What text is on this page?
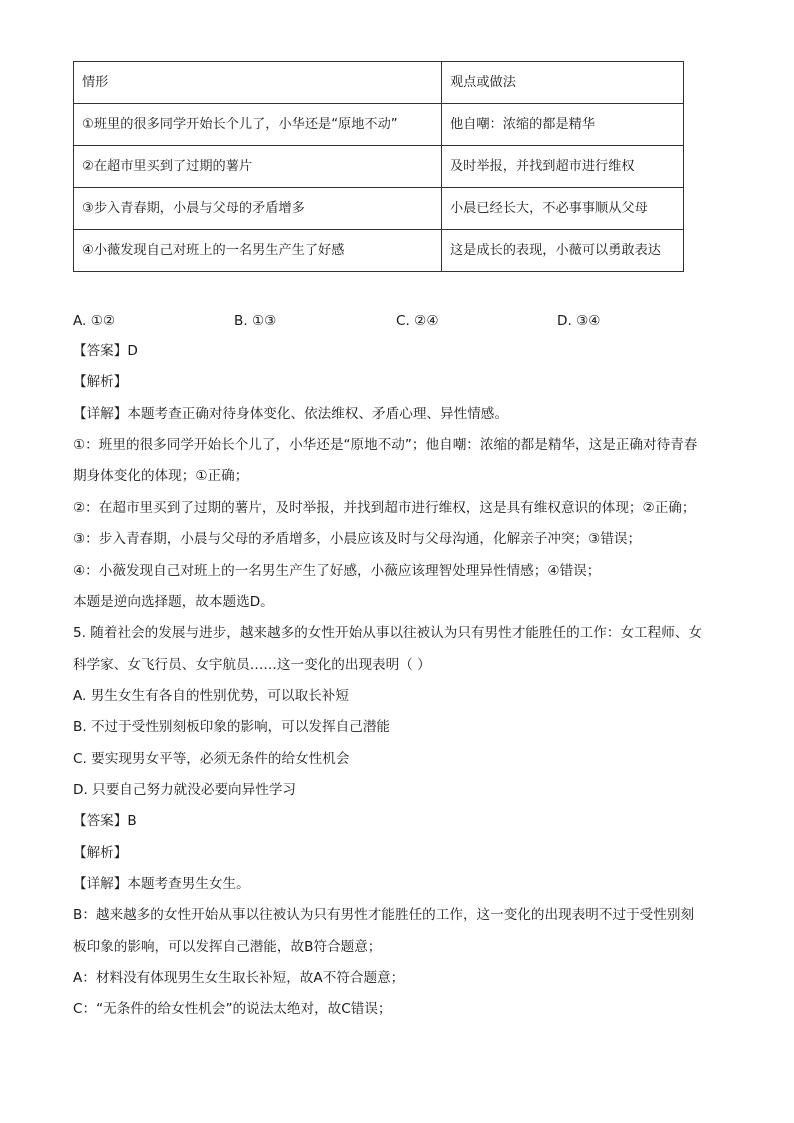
情形	观点或做法
①班里的很多同学开始长个儿了，小华还是“原地不动”	他自嘲：浓缩的都是精华
②在超市里买到了过期的薯片	及时举报，并找到超市进行维权
③步入青春期，小晨与父母的矛盾增多	小晨已经长大，不必事事顺从父母
④小薇发现自己对班上的一名男生产生了好感	这是成长的表现，小薇可以勇敢表达
A. ①②	B. ①③	C. ②④	D. ③④
【答案】D
【解析】
【详解】本题考查正确对待身体变化、依法维权、矛盾心理、异性情感。
①：班里的很多同学开始长个儿了，小华还是“原地不动”；他自嘲：浓缩的都是精华，这是正确对待青春
期身体变化的体现；①正确；
②：在超市里买到了过期的薯片，及时举报，并找到超市进行维权，这是具有维权意识的体现；②正确；
③：步入青春期，小晨与父母的矛盾增多，小晨应该及时与父母沟通，化解亲子冲突；③错误；
④：小薇发现自己对班上的一名男生产生了好感，小薇应该理智处理异性情感；④错误；
本题是逆向选择题，故本题选D。
5. 随着社会的发展与进步，越来越多的女性开始从事以往被认为只有男性才能胜任的工作：女工程师、女
科学家、女飞行员、女宇航员……这一变化的出现表明（ ）
A. 男生女生有各自的性别优势，可以取长补短
B. 不过于受性别刻板印象的影响，可以发挥自己潜能
C. 要实现男女平等，必须无条件的给女性机会
D. 只要自己努力就没必要向异性学习
【答案】B
【解析】
【详解】本题考查男生女生。
B：越来越多的女性开始从事以往被认为只有男性才能胜任的工作，这一变化的出现表明不过于受性别刻
板印象的影响，可以发挥自己潜能，故B符合题意；
A：材料没有体现男生女生取长补短，故A不符合题意；
C：“无条件的给女性机会”的说法太绝对，故C错误；
